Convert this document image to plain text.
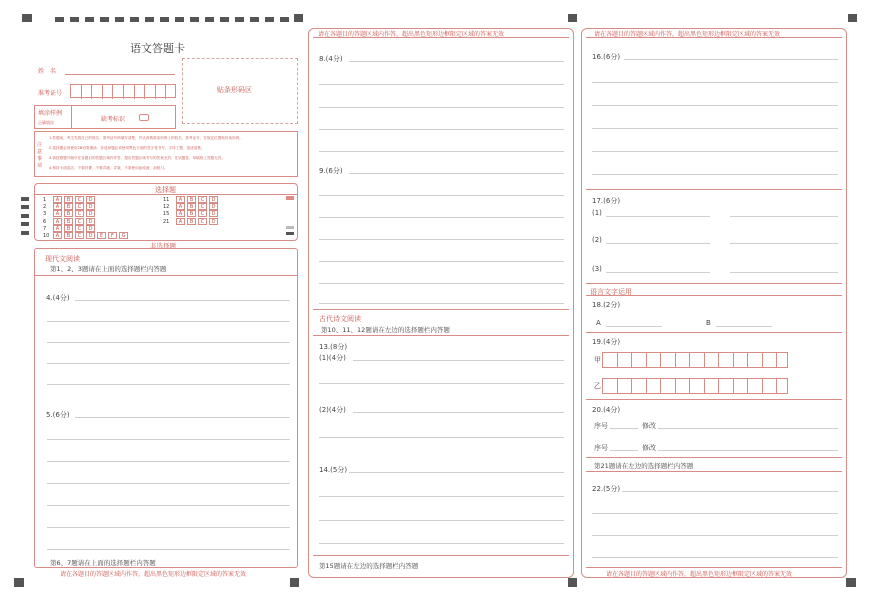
语文答题卡
姓　名
准考证号	贴条形码区
填涂样例
正确填涂	缺考标识
注意事项
1.答题前，考生先将自己的姓名、准考证号码填写清楚，并认真核准条形码上的姓名、准考证号，在规定位置贴好条形码。
2.选择题必须使用2B铅笔填涂；非选择题必须使用黑色字迹的签字笔书写，字体工整、笔迹清楚。
3.请按照题号顺序在各题目的答题区域内作答，超出答题区域书写的答案无效；在试题卷、草稿纸上答题无效。
4.保持卡面清洁，不要折叠、不要弄破、弄皱，不准使用涂改液、刮纸刀。
选择题
1 A B C D
2 A B C D
3 A B C D
6 A B C D
7 A B C D
10 A B C D E F G
11 A B C D
12 A B C D
15 A B C D
21 A B C D
非选择题
现代文阅读
第1、2、3题请在上面的选择题栏内答题
4.(4分)
5.(6分)
第6、7题请在上面的选择题栏内答题
请在各题目的答题区域内作答，超出黑色矩形边框限定区域的答案无效
请在各题目的答题区域内作答，超出黑色矩形边框限定区域的答案无效
8.(4分)
9.(6分)
古代诗文阅读
第10、11、12题请在左边的选择题栏内答题
13.(8分)
(1)(4分)
(2)(4分)
14.(5分)
第15题请在左边的选择题栏内答题
请在各题目的答题区域内作答，超出黑色矩形边框限定区域的答案无效
16.(6分)
17.(6分)
(1)
(2)
(3)
语言文字运用
18.(2分)
A	B
19.(4分)
甲
乙
20.(4分)
序号	修改
序号	修改
第21题请在左边的选择题栏内答题
22.(5分)
请在各题目的答题区域内作答，超出黑色矩形边框限定区域的答案无效
